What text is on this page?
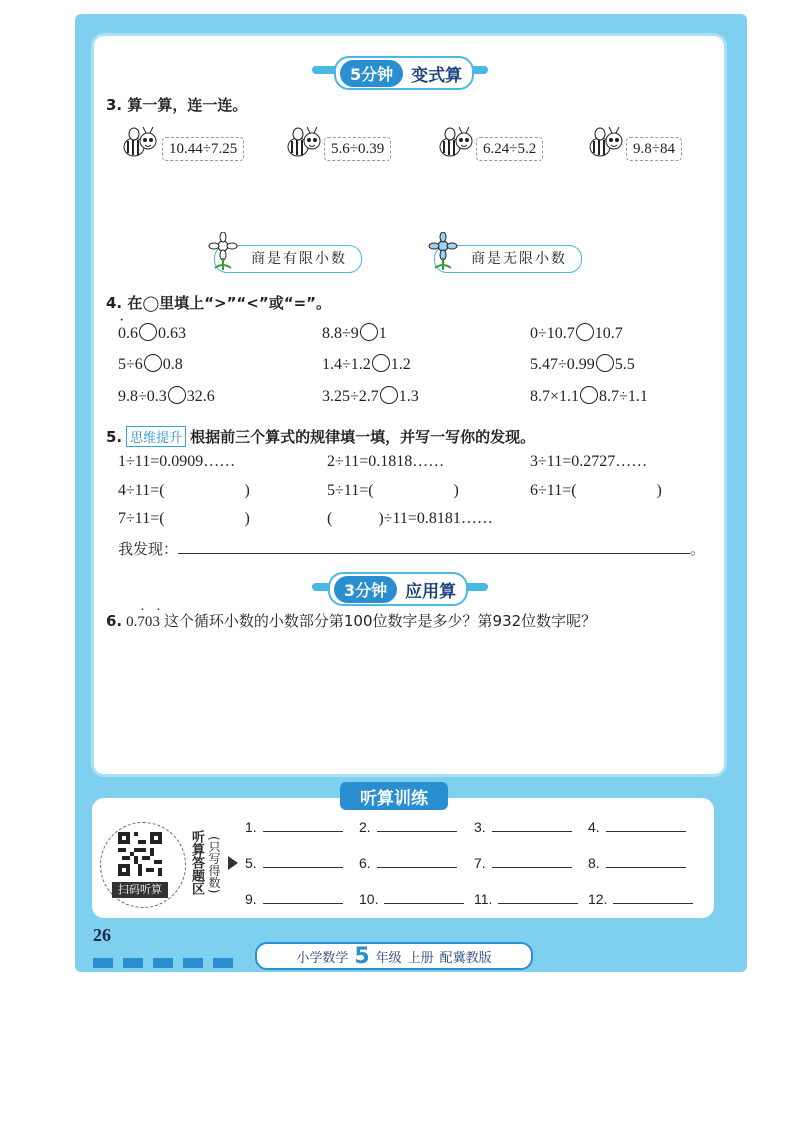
5分钟	变式算
3. 算一算，连一连。
10.44÷7.25	5.6÷0.39	6.24÷5.2	9.8÷84
商是有限小数	商是无限小数
4. 在◯里填上“>”“<”或“=”。
· 0.6 0.63	8.8÷9 1	0÷10.7 10.7
5÷6 0.8	1.4÷1.2 1.2	5.47÷0.99 5.5
9.8÷0.3 32.6	3.25÷2.7 1.3	8.7×1.1 8.7÷1.1
5. 思维提升 根据前三个算式的规律填一填，并写一写你的发现。
1÷11=0.0909……	2÷11=0.1818……	3÷11=0.2727……
4÷11=(	)	5÷11=(	)	6÷11=(	)
7÷11=(	)	(	)÷11=0.8181……
我发现：	。
3分钟	应用算
6. 0.703
· ·
这个循环小数的小数部分第100位数字是多少？第932位数字呢？
听算训练
扫码听算	听算答题区 (只写得数)
1.	2.	3.	4.
5.	6.	7.	8.
9.	10.	11.	12.
26
小学数学 5 年级 上册 配冀教版
